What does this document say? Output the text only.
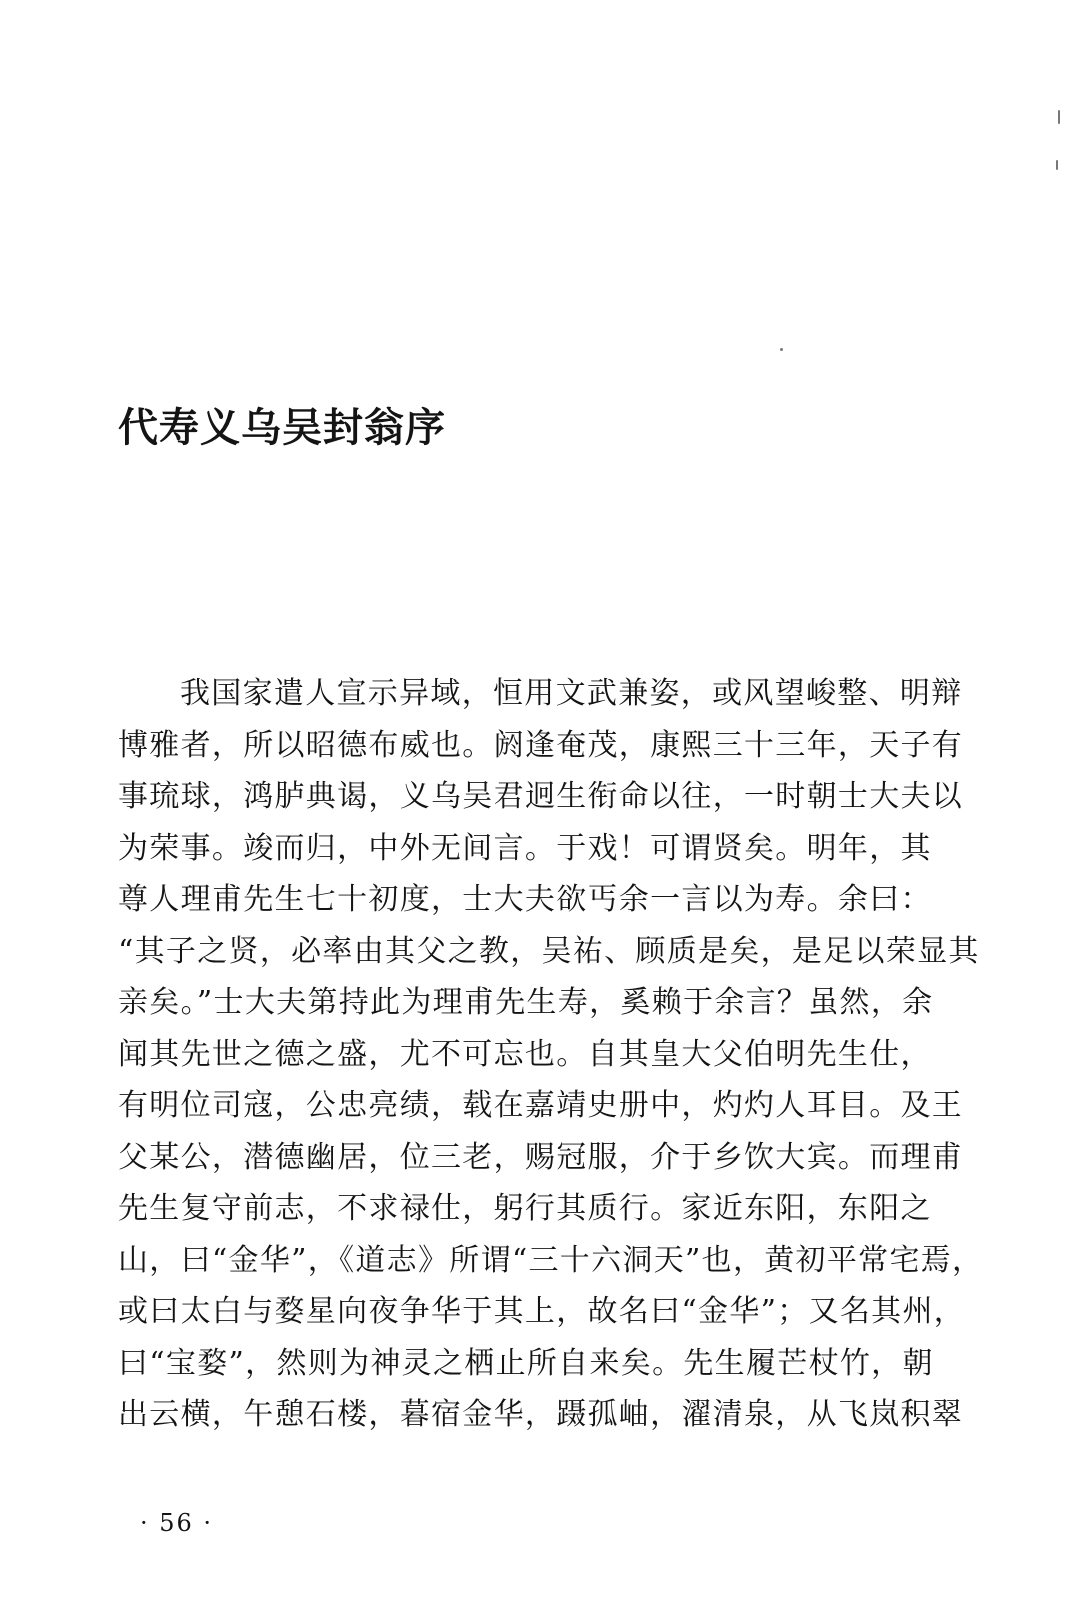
代寿义乌吴封翁序
我国家遣人宣示异域，恒用文武兼姿，或风望峻整、明辩
博雅者，所以昭德布威也。阏逢奄茂，康熙三十三年，天子有
事琉球，鸿胪典谒，义乌吴君迥生衔命以往，一时朝士大夫以
为荣事。竣而归，中外无间言。于戏！可谓贤矣。明年，其
尊人理甫先生七十初度，士大夫欲丐余一言以为寿。余曰：
“其子之贤，必率由其父之教，吴祐、顾质是矣，是足以荣显其
亲矣。”士大夫第持此为理甫先生寿，奚赖于余言？虽然，余
闻其先世之德之盛，尤不可忘也。自其皇大父伯明先生仕，
有明位司寇，公忠亮绩，载在嘉靖史册中，灼灼人耳目。及王
父某公，潜德幽居，位三老，赐冠服，介于乡饮大宾。而理甫
先生复守前志，不求禄仕，躬行其质行。家近东阳，东阳之
山，曰“金华”，《道志》所谓“三十六洞天”也，黄初平常宅焉，
或曰太白与婺星向夜争华于其上，故名曰“金华”；又名其州，
曰“宝婺”，然则为神灵之栖止所自来矣。先生履芒杖竹，朝
出云横，午憩石楼，暮宿金华，蹑孤岫，濯清泉，从飞岚积翠
· 56 ·
